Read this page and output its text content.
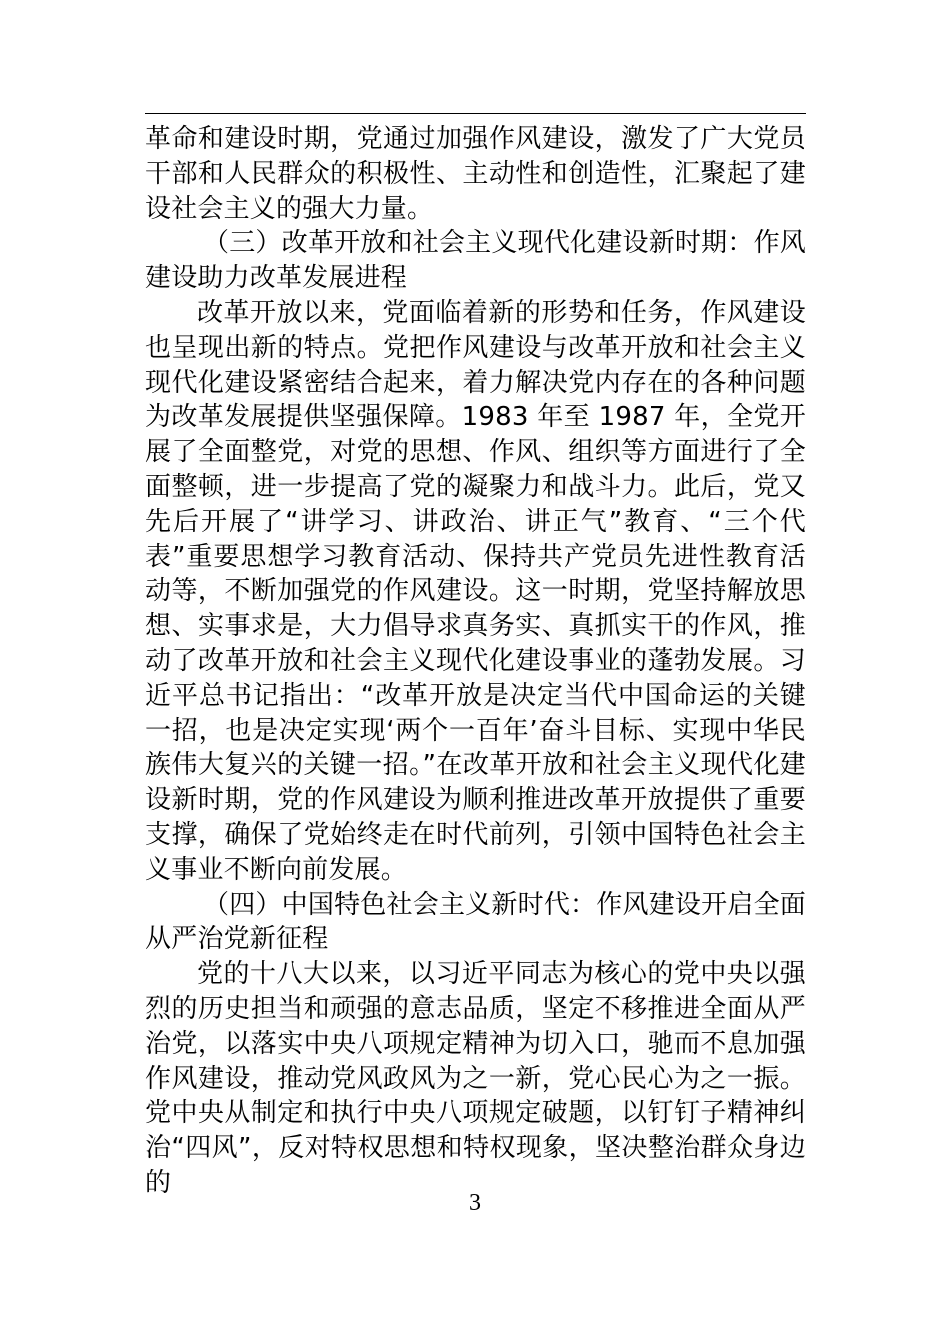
革命和建设时期，党通过加强作风建设，激发了广大党员干部和人民群众的积极性、主动性和创造性，汇聚起了建设社会主义的强大力量。

（三）改革开放和社会主义现代化建设新时期：作风建设助力改革发展进程

改革开放以来，党面临着新的形势和任务，作风建设也呈现出新的特点。党把作风建设与改革开放和社会主义现代化建设紧密结合起来，着力解决党内存在的各种问题为改革发展提供坚强保障。1983 年至 1987 年，全党开展了全面整党，对党的思想、作风、组织等方面进行了全面整顿，进一步提高了党的凝聚力和战斗力。此后，党又先后开展了“讲学习、讲政治、讲正气”教育、“三个代表”重要思想学习教育活动、保持共产党员先进性教育活动等，不断加强党的作风建设。这一时期，党坚持解放思想、实事求是，大力倡导求真务实、真抓实干的作风，推动了改革开放和社会主义现代化建设事业的蓬勃发展。习近平总书记指出：“改革开放是决定当代中国命运的关键一招，也是决定实现‘两个一百年’奋斗目标、实现中华民族伟大复兴的关键一招。”在改革开放和社会主义现代化建设新时期，党的作风建设为顺利推进改革开放提供了重要支撑，确保了党始终走在时代前列，引领中国特色社会主义事业不断向前发展。

（四）中国特色社会主义新时代：作风建设开启全面从严治党新征程

党的十八大以来，以习近平同志为核心的党中央以强烈的历史担当和顽强的意志品质，坚定不移推进全面从严治党，以落实中央八项规定精神为切入口，驰而不息加强作风建设，推动党风政风为之一新，党心民心为之一振。党中央从制定和执行中央八项规定破题，以钉钉子精神纠治“四风”，反对特权思想和特权现象，坚决整治群众身边的

3
